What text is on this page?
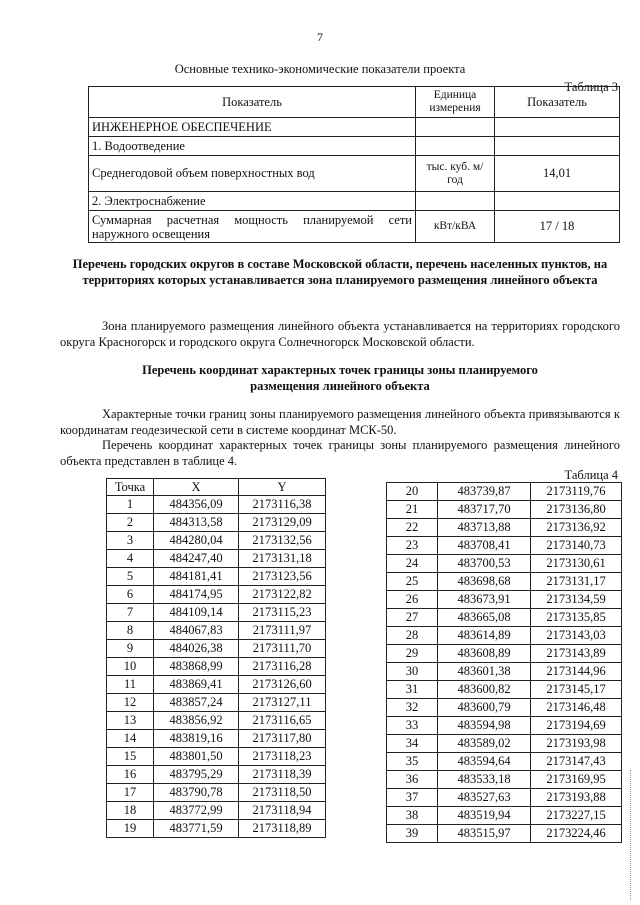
7
Основные технико-экономические показатели проекта
Таблица 3
Показатель	Единица измерения	Показатель
ИНЖЕНЕРНОЕ ОБЕСПЕЧЕНИЕ		
1. Водоотведение		
Среднегодовой объем поверхностных вод	тыс. куб. м/год	14,01
2. Электроснабжение		

Суммарная расчетная мощность планируемой сети
наружного освещения	кВт/кВА	17 / 18
Перечень городских округов в составе Московской области, перечень населенных пунктов, на территориях которых устанавливается зона планируемого размещения линейного объекта
Зона планируемого размещения линейного объекта устанавливается на территориях городского округа Красногорск и городского округа Солнечногорск Московской области.
Перечень координат характерных точек границы зоны планируемого размещения линейного объекта
Характерные точки границ зоны планируемого размещения линейного объекта привязываются к координатам геодезической сети в системе координат МСК-50.
Перечень координат характерных точек границы зоны планируемого размещения линейного объекта представлен в таблице 4.
Таблица 4
Точка	X	Y
1	484356,09	2173116,38
2	484313,58	2173129,09
3	484280,04	2173132,56
4	484247,40	2173131,18
5	484181,41	2173123,56
6	484174,95	2173122,82
7	484109,14	2173115,23
8	484067,83	2173111,97
9	484026,38	2173111,70
10	483868,99	2173116,28
11	483869,41	2173126,60
12	483857,24	2173127,11
13	483856,92	2173116,65
14	483819,16	2173117,80
15	483801,50	2173118,23
16	483795,29	2173118,39
17	483790,78	2173118,50
18	483772,99	2173118,94
19	483771,59	2173118,89
20	483739,87	2173119,76
21	483717,70	2173136,80
22	483713,88	2173136,92
23	483708,41	2173140,73
24	483700,53	2173130,61
25	483698,68	2173131,17
26	483673,91	2173134,59
27	483665,08	2173135,85
28	483614,89	2173143,03
29	483608,89	2173143,89
30	483601,38	2173144,96
31	483600,82	2173145,17
32	483600,79	2173146,48
33	483594,98	2173194,69
34	483589,02	2173193,98
35	483594,64	2173147,43
36	483533,18	2173169,95
37	483527,63	2173193,88
38	483519,94	2173227,15
39	483515,97	2173224,46
